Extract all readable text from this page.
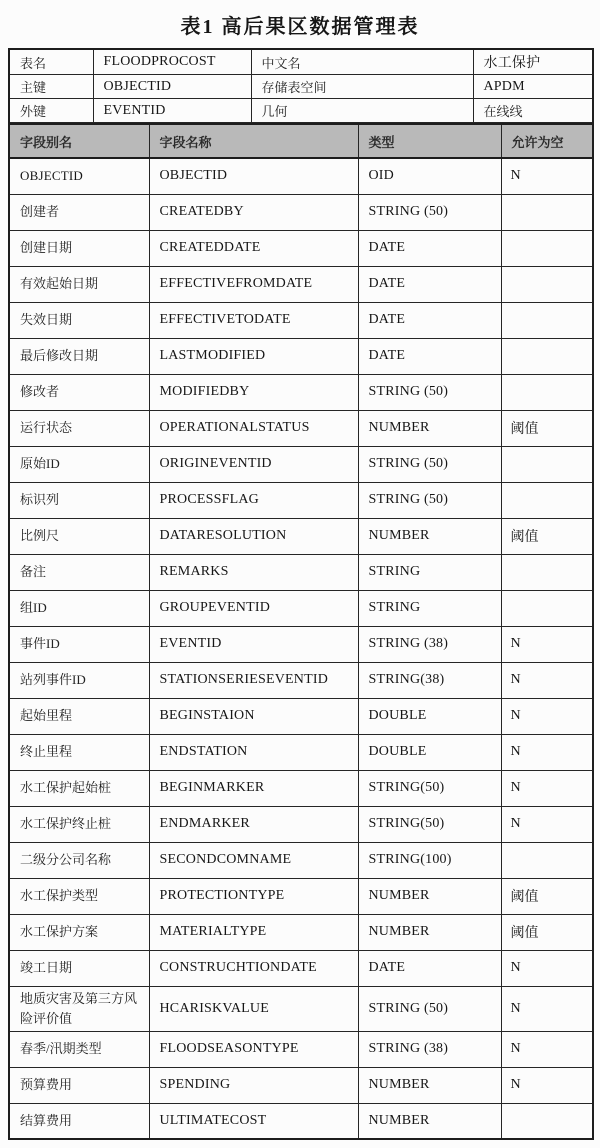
表1 高后果区数据管理表
表名	FLOODPROCOST	中文名	水工保护
主键	OBJECTID	存储表空间	APDM
外键	EVENTID	几何	在线线
字段别名	字段名称	类型	允许为空
OBJECTID	OBJECTID	OID	N
创建者	CREATEDBY	STRING (50)	
创建日期	CREATEDDATE	DATE	
有效起始日期	EFFECTIVEFROMDATE	DATE	
失效日期	EFFECTIVETODATE	DATE	
最后修改日期	LASTMODIFIED	DATE	
修改者	MODIFIEDBY	STRING (50)	
运行状态	OPERATIONALSTATUS	NUMBER	阈值
原始ID	ORIGINEVENTID	STRING (50)	
标识列	PROCESSFLAG	STRING (50)	
比例尺	DATARESOLUTION	NUMBER	阈值
备注	REMARKS	STRING	
组ID	GROUPEVENTID	STRING	
事件ID	EVENTID	STRING (38)	N
站列事件ID	STATIONSERIESEVENTID	STRING(38)	N
起始里程	BEGINSTAION	DOUBLE	N
终止里程	ENDSTATION	DOUBLE	N
水工保护起始桩	BEGINMARKER	STRING(50)	N
水工保护终止桩	ENDMARKER	STRING(50)	N
二级分公司名称	SECONDCOMNAME	STRING(100)	
水工保护类型	PROTECTIONTYPE	NUMBER	阈值
水工保护方案	MATERIALTYPE	NUMBER	阈值
竣工日期	CONSTRUCHTIONDATE	DATE	N
地质灾害及第三方风险评价值	HCARISKVALUE	STRING (50)	N
春季/汛期类型	FLOODSEASONTYPE	STRING (38)	N
预算费用	SPENDING	NUMBER	N
结算费用	ULTIMATECOST	NUMBER	
